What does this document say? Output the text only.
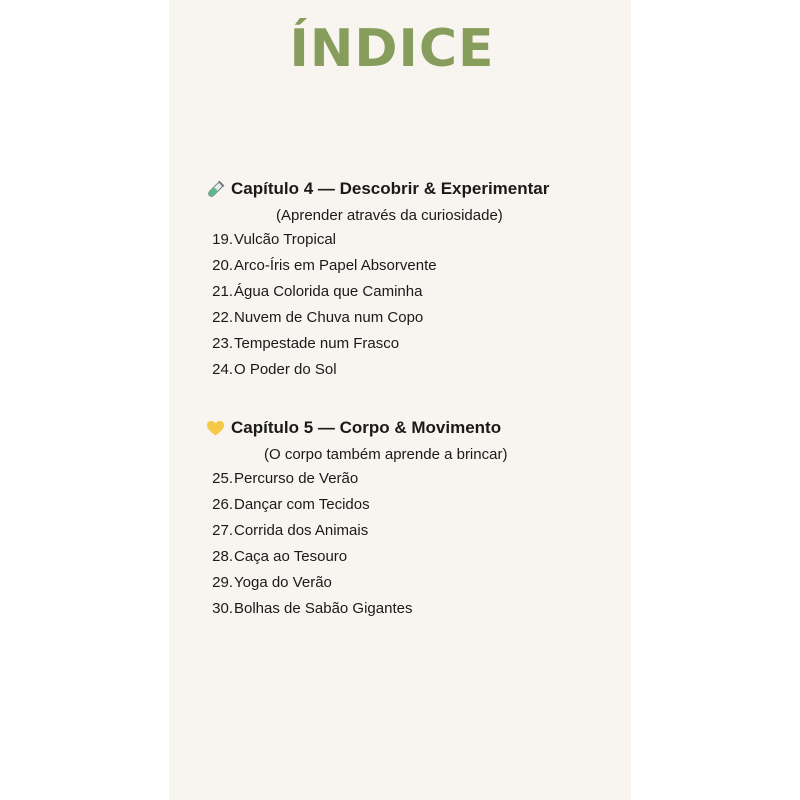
ÍNDICE
Capítulo 4 — Descobrir & Experimentar
(Aprender através da curiosidade)
19. Vulcão Tropical
20. Arco-Íris em Papel Absorvente
21. Água Colorida que Caminha
22. Nuvem de Chuva num Copo
23. Tempestade num Frasco
24. O Poder do Sol
Capítulo 5 — Corpo & Movimento
(O corpo também aprende a brincar)
25. Percurso de Verão
26. Dançar com Tecidos
27. Corrida dos Animais
28. Caça ao Tesouro
29. Yoga do Verão
30. Bolhas de Sabão Gigantes
